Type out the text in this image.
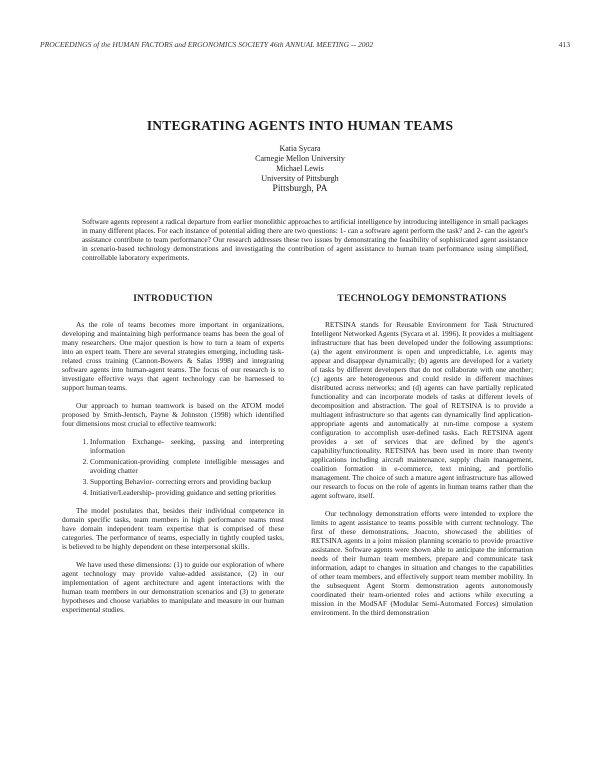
PROCEEDINGS of the HUMAN FACTORS and ERGONOMICS SOCIETY 46th ANNUAL MEETING -- 2002	413
INTEGRATING AGENTS INTO HUMAN TEAMS
Katia Sycara
Carnegie Mellon University
Michael Lewis
University of Pittsburgh
Pittsburgh, PA
Software agents represent a radical departure from earlier monolithic approaches to artificial intelligence by introducing intelligence in small packages in many different places. For each instance of potential aiding there are two questions: 1- can a software agent perform the task? and 2- can the agent's assistance contribute to team performance? Our research addresses these two issues by demonstrating the feasibility of sophisticated agent assistance in scenario-based technology demonstrations and investigating the contribution of agent assistance to human team performance using simplified, controllable laboratory experiments.
INTRODUCTION

As the role of teams becomes more important in organizations, developing and maintaining high performance teams has been the goal of many researchers. One major question is how to turn a team of experts into an expert team. There are several strategies emerging, including task-related cross training (Cannon-Bowers & Salas 1998) and integrating software agents into human-agent teams. The focus of our research is to investigate effective ways that agent technology can be harnessed to support human teams.

Our approach to human teamwork is based on the ATOM model proposed by Smith-Jentsch, Payne & Johnston (1998) which identified four dimensions most crucial to effective teamwork:

1. Information Exchange- seeking, passing and interpreting information
2. Communication-providing complete intelligible messages and avoiding chatter
3. Supporting Behavior- correcting errors and providing backup
4. Initiative/Leadership- providing guidance and setting priorities

The model postulates that, besides their individual competence in domain specific tasks, team members in high performance teams must have domain independent team expertise that is comprised of these categories. The performance of teams, especially in tightly coupled tasks, is believed to be highly dependent on these interpersonal skills.

We have used these dimensions: (1) to guide our exploration of where agent technology may provide value-added assistance, (2) in our implementation of agent architecture and agent interactions with the human team members in our demonstration scenarios and (3) to generate hypotheses and choose variables to manipulate and measure in our human experimental studies.

TECHNOLOGY DEMONSTRATIONS

RETSINA stands for Reusable Environment for Task Structured Intelligent Networked Agents (Sycara et al. 1996). It provides a multiagent infrastructure that has been developed under the following assumptions: (a) the agent environment is open and unpredictable, i.e. agents may appear and disappear dynamically; (b) agents are developed for a variety of tasks by different developers that do not collaborate with one another; (c) agents are heterogeneous and could reside in different machines distributed across networks; and (d) agents can have partially replicated functionality and can incorporate models of tasks at different levels of decomposition and abstraction. The goal of RETSINA is to provide a multiagent infrastructure so that agents can dynamically find application-appropriate agents and automatically at run-time compose a system configuration to accomplish user-defined tasks. Each RETSINA agent provides a set of services that are defined by the agent's capability/functionality. RETSINA has been used in more than twenty applications including aircraft maintenance, supply chain management, coalition formation in e-commerce, text mining, and portfolio management. The choice of such a mature agent infrastructure has allowed our research to focus on the role of agents in human teams rather than the agent software, itself.

Our technology demonstration efforts were intended to explore the limits to agent assistance to teams possible with current technology. The first of these demonstrations, Joacoto, showcased the abilities of RETSINA agents in a joint mission planning scenario to provide proactive assistance. Software agents were shown able to anticipate the information needs of their human team members, prepare and communicate task information, adapt to changes in situation and changes to the capabilities of other team members, and effectively support team member mobility. In the subsequent Agent Storm demonstration agents autonomously coordinated their team-oriented roles and actions while executing a mission in the ModSAF (Modular Semi-Automated Forces) simulation environment. In the third demonstration
